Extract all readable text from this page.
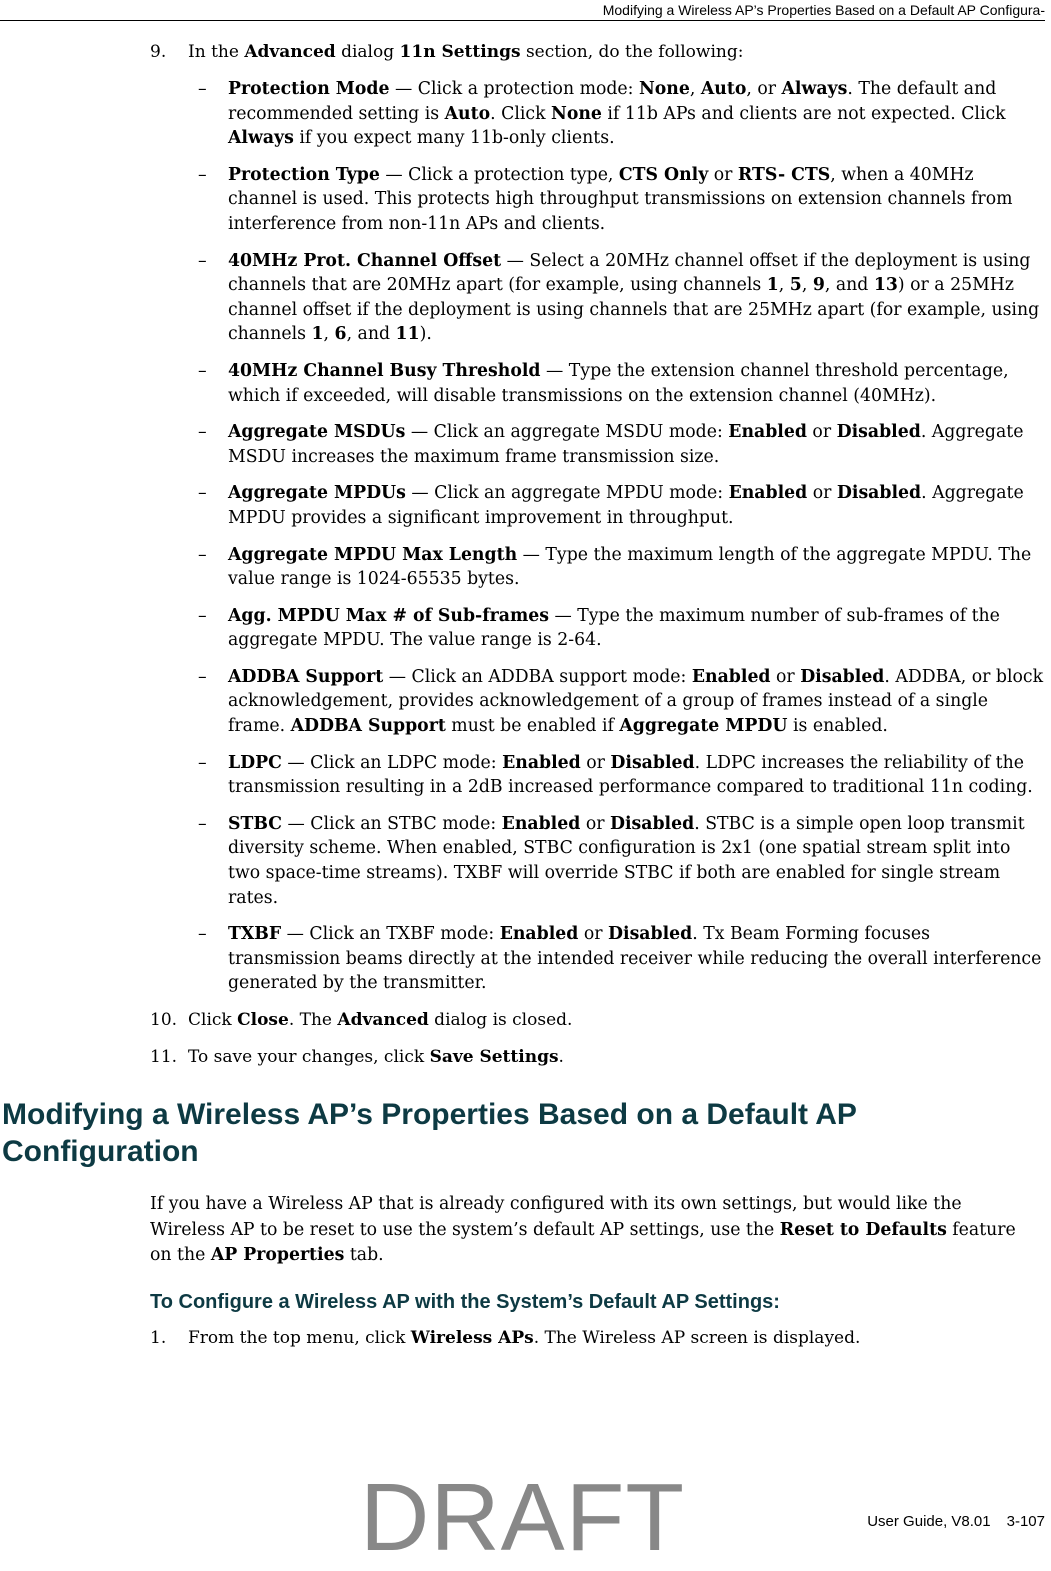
Modifying a Wireless AP’s Properties Based on a Default AP Configura-
9. In the Advanced dialog 11n Settings section, do the following:
– Protection Mode — Click a protection mode: None, Auto, or Always. The default and recommended setting is Auto. Click None if 11b APs and clients are not expected. Click Always if you expect many 11b-only clients.
– Protection Type — Click a protection type, CTS Only or RTS- CTS, when a 40MHz channel is used. This protects high throughput transmissions on extension channels from interference from non-11n APs and clients.
– 40MHz Prot. Channel Offset — Select a 20MHz channel offset if the deployment is using channels that are 20MHz apart (for example, using channels 1, 5, 9, and 13) or a 25MHz channel offset if the deployment is using channels that are 25MHz apart (for example, using channels 1, 6, and 11).
– 40MHz Channel Busy Threshold — Type the extension channel threshold percentage, which if exceeded, will disable transmissions on the extension channel (40MHz).
– Aggregate MSDUs — Click an aggregate MSDU mode: Enabled or Disabled. Aggregate MSDU increases the maximum frame transmission size.
– Aggregate MPDUs — Click an aggregate MPDU mode: Enabled or Disabled. Aggregate MPDU provides a significant improvement in throughput.
– Aggregate MPDU Max Length — Type the maximum length of the aggregate MPDU. The value range is 1024-65535 bytes.
– Agg. MPDU Max # of Sub-frames — Type the maximum number of sub-frames of the aggregate MPDU. The value range is 2-64.
– ADDBA Support — Click an ADDBA support mode: Enabled or Disabled. ADDBA, or block acknowledgement, provides acknowledgement of a group of frames instead of a single frame. ADDBA Support must be enabled if Aggregate MPDU is enabled.
– LDPC — Click an LDPC mode: Enabled or Disabled. LDPC increases the reliability of the transmission resulting in a 2dB increased performance compared to traditional 11n coding.
– STBC — Click an STBC mode: Enabled or Disabled. STBC is a simple open loop transmit diversity scheme. When enabled, STBC configuration is 2x1 (one spatial stream split into two space-time streams). TXBF will override STBC if both are enabled for single stream rates.
– TXBF — Click an TXBF mode: Enabled or Disabled. Tx Beam Forming focuses transmission beams directly at the intended receiver while reducing the overall interference generated by the transmitter.
10. Click Close. The Advanced dialog is closed.
11. To save your changes, click Save Settings.
Modifying a Wireless AP’s Properties Based on a Default AP Configuration

If you have a Wireless AP that is already configured with its own settings, but would like the Wireless AP to be reset to use the system’s default AP settings, use the Reset to Defaults feature on the AP Properties tab.

To Configure a Wireless AP with the System’s Default AP Settings:
1. From the top menu, click Wireless APs. The Wireless AP screen is displayed.
DRAFT	User Guide, V8.01 3-107
